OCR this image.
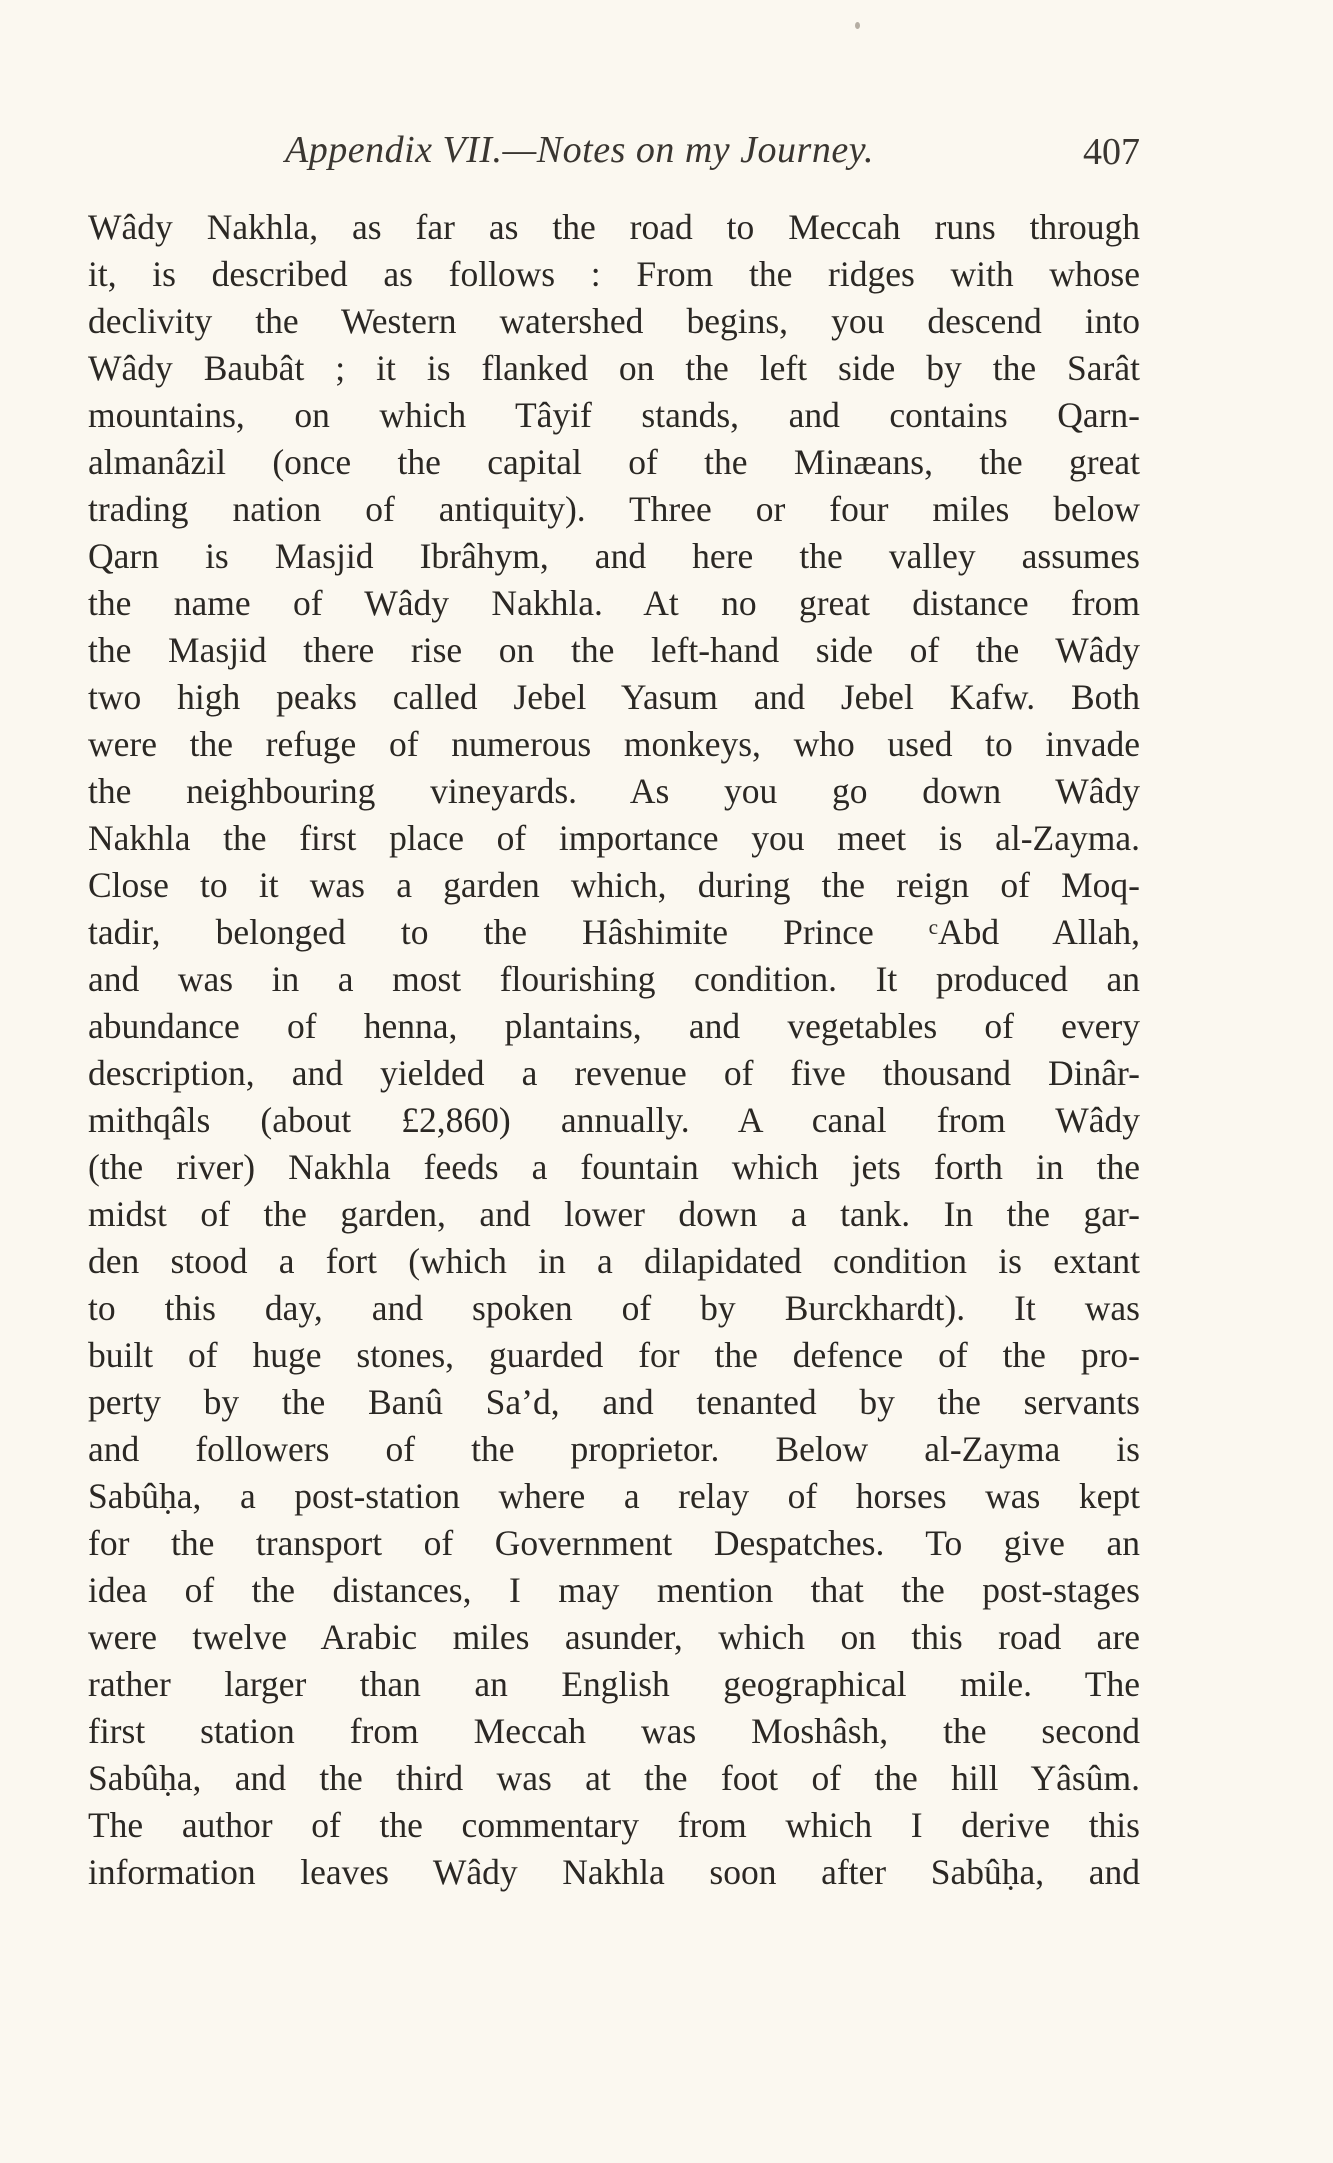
Appendix VII.—Notes on my Journey.	407
Wâdy Nakhla, as far as the road to Meccah runs through
it, is described as follows : From the ridges with whose
declivity the Western watershed begins, you descend into
Wâdy Baubât ; it is flanked on the left side by the Sarât
mountains, on which Tâyif stands, and contains Qarn-
almanâzil (once the capital of the Minæans, the great
trading nation of antiquity). Three or four miles below
Qarn is Masjid Ibrâhym, and here the valley assumes
the name of Wâdy Nakhla. At no great distance from
the Masjid there rise on the left-hand side of the Wâdy
two high peaks called Jebel Yasum and Jebel Kafw. Both
were the refuge of numerous monkeys, who used to invade
the neighbouring vineyards. As you go down Wâdy
Nakhla the first place of importance you meet is al-Zayma.
Close to it was a garden which, during the reign of Moq-
tadir, belonged to the Hâshimite Prince ᶜAbd Allah,
and was in a most flourishing condition. It produced an
abundance of henna, plantains, and vegetables of every
description, and yielded a revenue of five thousand Dinâr-
mithqâls (about £2,860) annually. A canal from Wâdy
(the river) Nakhla feeds a fountain which jets forth in the
midst of the garden, and lower down a tank. In the gar-
den stood a fort (which in a dilapidated condition is extant
to this day, and spoken of by Burckhardt). It was
built of huge stones, guarded for the defence of the pro-
perty by the Banû Sa’d, and tenanted by the servants
and followers of the proprietor. Below al-Zayma is
Sabûḥa, a post-station where a relay of horses was kept
for the transport of Government Despatches. To give an
idea of the distances, I may mention that the post-stages
were twelve Arabic miles asunder, which on this road are
rather larger than an English geographical mile. The
first station from Meccah was Moshâsh, the second
Sabûḥa, and the third was at the foot of the hill Yâsûm.
The author of the commentary from which I derive this
information leaves Wâdy Nakhla soon after Sabûḥa, and
